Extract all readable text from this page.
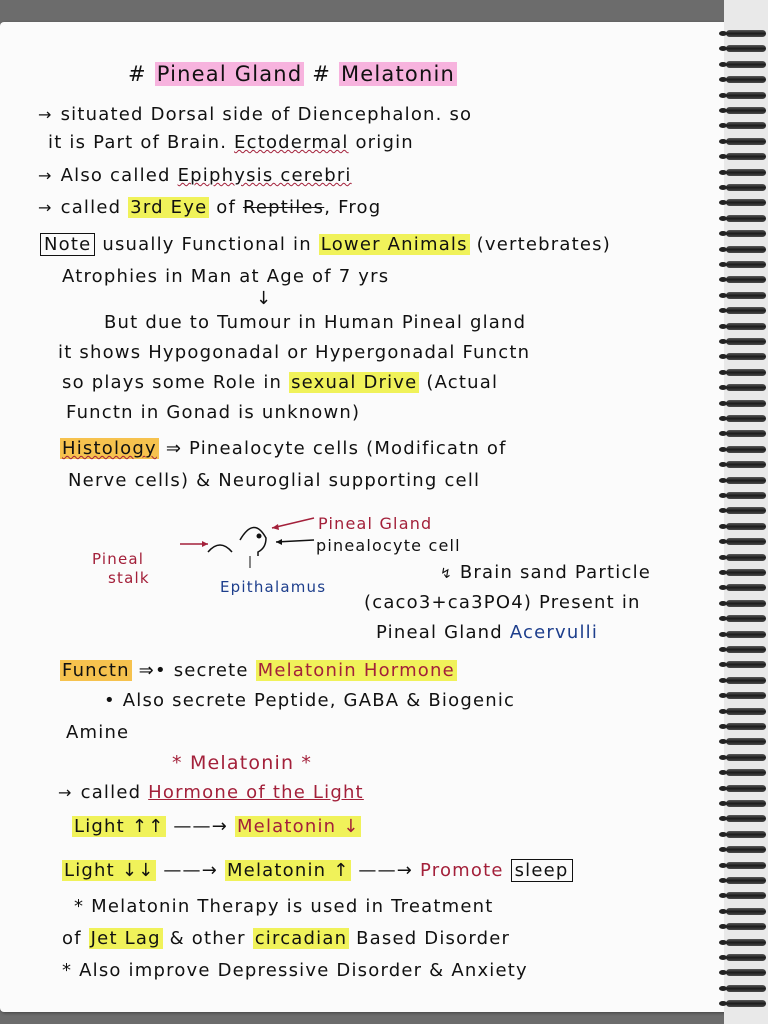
# Pineal Gland # Melatonin
→ situated Dorsal side of Diencephalon. so
it is Part of Brain. Ectodermal origin
→ Also called Epiphysis cerebri
→ called 3rd Eye of Reptiles, Frog
Note usually Functional in Lower Animals (vertebrates)
Atrophies in Man at Age of 7 yrs
↓
But due to Tumour in Human Pineal gland
it shows Hypogonadal or Hypergonadal Functn
so plays some Role in sexual Drive (Actual
Functn in Gonad is unknown)
Histology ⇒ Pinealocyte cells (Modificatn of
Nerve cells) & Neuroglial supporting cell
Pineal Gland
pinealocyte cell
Pineal
stalk	Epithalamus
↯ Brain sand Particle
(caco3+ca3PO4) Present in
Pineal Gland Acervulli
Functn ⇒• secrete Melatonin Hormone
• Also secrete Peptide, GABA & Biogenic
Amine
* Melatonin *
→ called Hormone of the Light
Light ↑↑ ——→ Melatonin ↓
Light ↓↓ ——→ Melatonin ↑ ——→ Promote sleep
* Melatonin Therapy is used in Treatment
of Jet Lag & other circadian Based Disorder
* Also improve Depressive Disorder & Anxiety
